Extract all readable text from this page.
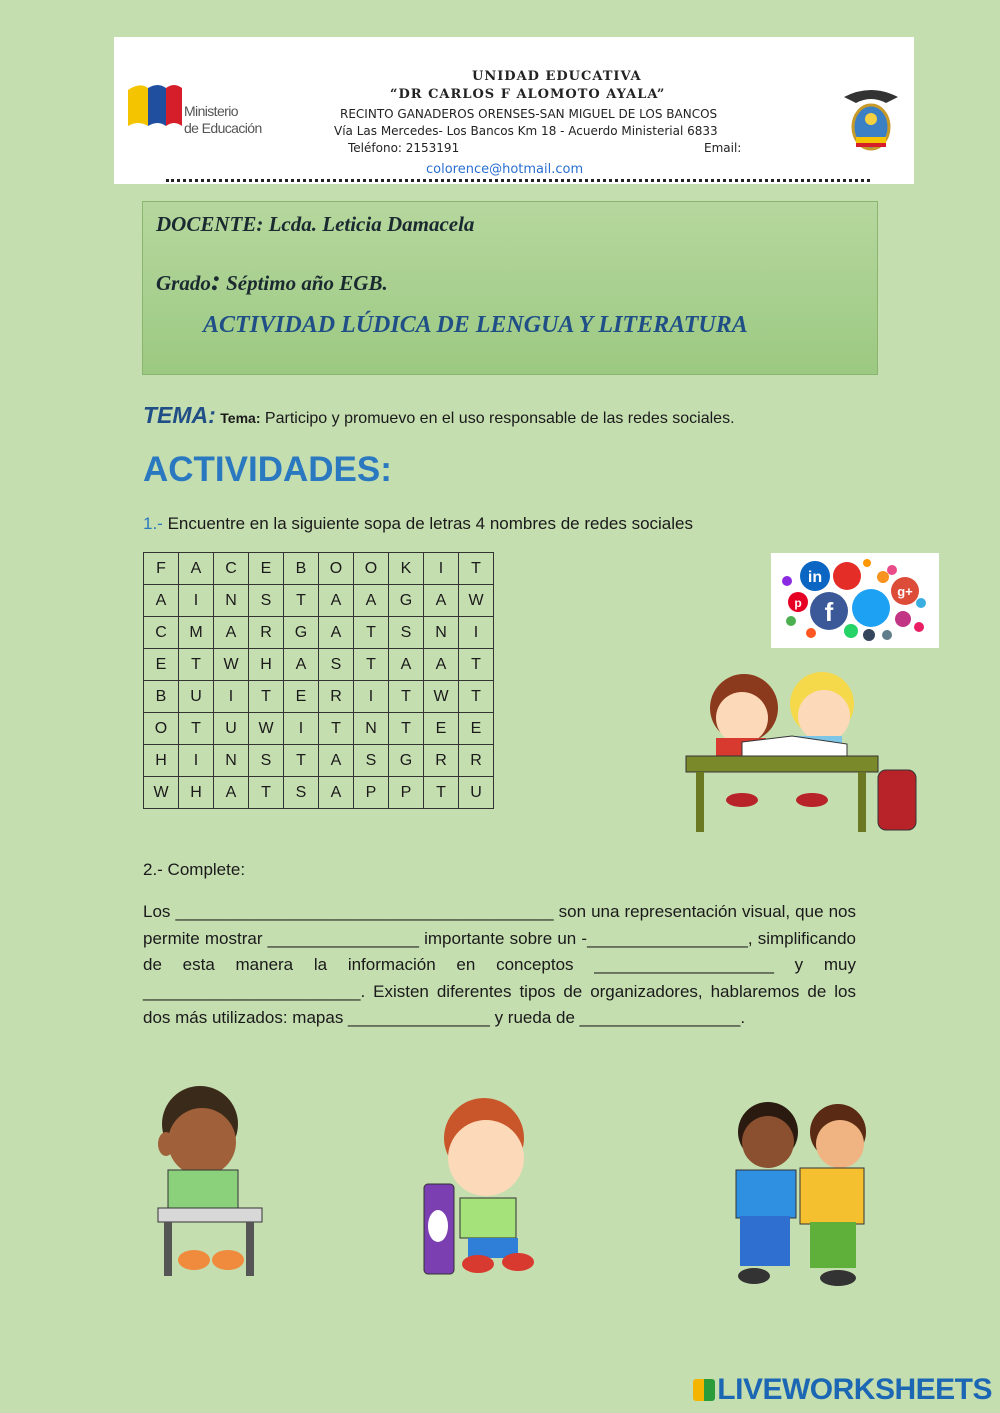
Ministerio
de Educación
UNIDAD EDUCATIVA
“DR CARLOS F ALOMOTO AYALA”
RECINTO GANADEROS ORENSES-SAN MIGUEL DE LOS BANCOS
Vía Las Mercedes- Los Bancos Km 18 - Acuerdo Ministerial 6833
Teléfono: 2153191	Email:
colorence@hotmail.com
DOCENTE: Lcda. Leticia Damacela
Grado: Séptimo año EGB.
ACTIVIDAD LÚDICA DE LENGUA Y LITERATURA
TEMA: Tema: Participo y promuevo en el uso responsable de las redes sociales.
ACTIVIDADES:
1.- Encuentre en la siguiente sopa de letras 4 nombres de redes sociales
F	A	C	E	B	O	O	K	I	T
A	I	N	S	T	A	A	G	A	W
C	M	A	R	G	A	T	S	N	I
E	T	W	H	A	S	T	A	A	T
B	U	I	T	E	R	I	T	W	T
O	T	U	W	I	T	N	T	E	E
H	I	N	S	T	A	S	G	R	R
W	H	A	T	S	A	P	P	T	U
in
g+
f
p
2.- Complete:

Los ________________________________________ son una representación visual, que nos permite mostrar ________________ importante sobre un -_________________, simplificando de esta manera la información en conceptos ___________________ y muy _______________________. Existen diferentes tipos de organizadores, hablaremos de los dos más utilizados: mapas _______________ y rueda de _________________.

LIVEWORKSHEETS
